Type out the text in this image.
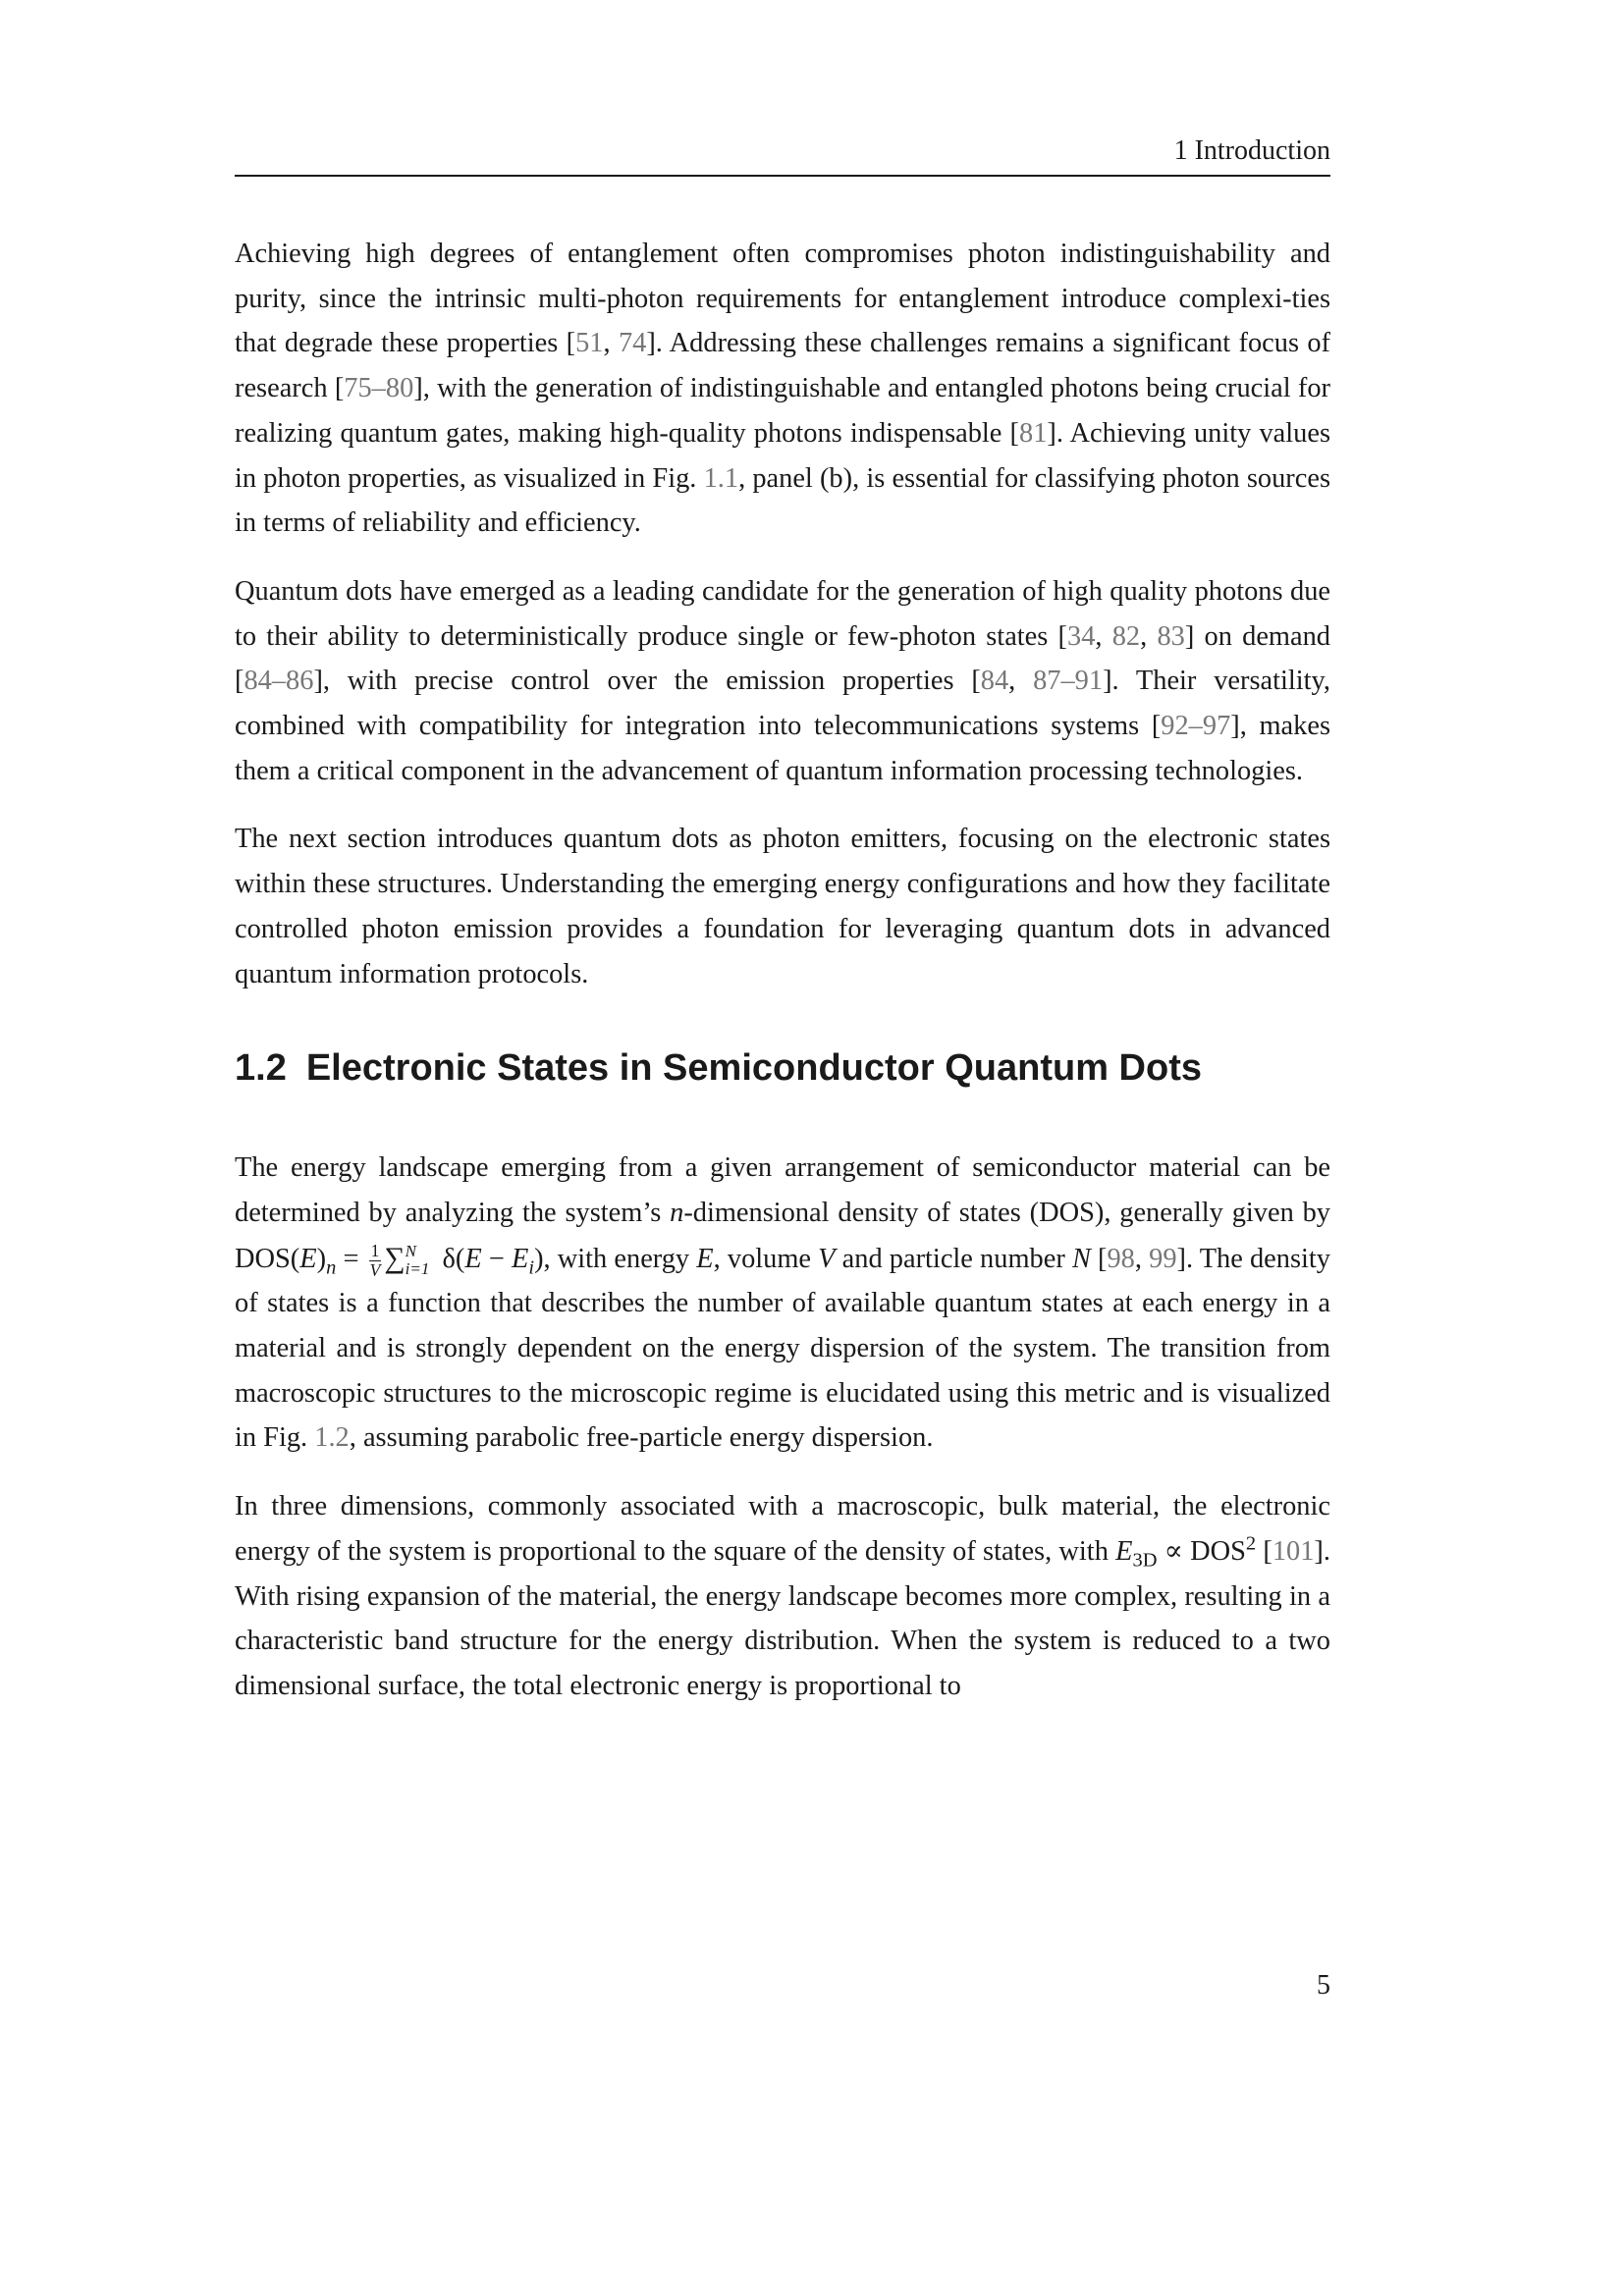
1 Introduction

Achieving high degrees of entanglement often compromises photon indistinguishability and purity, since the intrinsic multi-photon requirements for entanglement introduce complexi-ties that degrade these properties [51, 74]. Addressing these challenges remains a significant focus of research [75–80], with the generation of indistinguishable and entangled photons being crucial for realizing quantum gates, making high-quality photons indispensable [81]. Achieving unity values in photon properties, as visualized in Fig. 1.1, panel (b), is essential for classifying photon sources in terms of reliability and efficiency.

Quantum dots have emerged as a leading candidate for the generation of high quality photons due to their ability to deterministically produce single or few-photon states [34, 82, 83] on demand [84–86], with precise control over the emission properties [84, 87–91]. Their versatility, combined with compatibility for integration into telecommunications systems [92–97], makes them a critical component in the advancement of quantum information processing technologies.

The next section introduces quantum dots as photon emitters, focusing on the electronic states within these structures. Understanding the emerging energy configurations and how they facilitate controlled photon emission provides a foundation for leveraging quantum dots in advanced quantum information protocols.

1.2 Electronic States in Semiconductor Quantum Dots

The energy landscape emerging from a given arrangement of semiconductor material can be determined by analyzing the system’s n-dimensional density of states (DOS), generally given by $DOS(E)_n = \frac{1}{V}$ ∑ N
i=1 $\delta(E - E_i)$, with energy E, volume V and particle number N [98, 99]. The density of states is a function that describes the number of available quantum states at each energy in a material and is strongly dependent on the energy dispersion of the system. The transition from macroscopic structures to the microscopic regime is elucidated using this metric and is visualized in Fig. 1.2, assuming parabolic free-particle energy dispersion.

In three dimensions, commonly associated with a macroscopic, bulk material, the electronic energy of the system is proportional to the square of the density of states, with $E_{3D} \propto DOS^2$ [101]. With rising expansion of the material, the energy landscape becomes more complex, resulting in a characteristic band structure for the energy distribution. When the system is reduced to a two dimensional surface, the total electronic energy is proportional to

5
